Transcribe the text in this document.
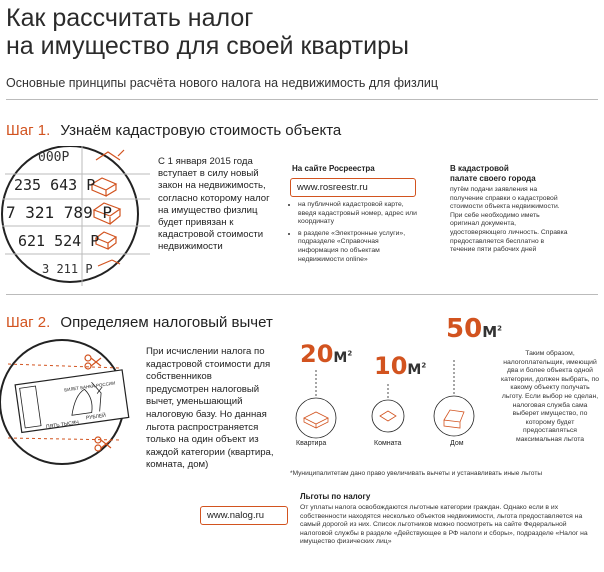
Как рассчитать налог
на имущество для своей квартиры
Основные принципы расчёта нового налога на недвижимость для физлиц
Шаг 1. Узнаём кадастровую стоимость объекта
000Р
235 643 Р
7 321 789 Р
621 524 Р
3 211 Р
С 1 января 2015 года вступает в силу новый закон на недвижимость, согласно которому налог на имущество физлиц будет привязан к кадастровой стоимости недвижимости
На сайте Росреестра
www.rosreestr.ru
• на публичной кадастровой карте, введя кадастровый номер, адрес или координату
• в разделе «Электронные услуги», подразделе «Справочная информация по объектам недвижимости online»
В кадастровой
палате своего города
путём подачи заявления на получение справки о кадастровой стоимости объекта недвижимости. При себе необходимо иметь оригинал документа, удостоверяющего личность. Справка предоставляется бесплатно в течение пяти рабочих дней
Шаг 2. Определяем налоговый вычет
БИЛЕТ БАНКА РОССИИ
ПЯТЬ ТЫСЯЧ
РУБЛЕЙ
При исчислении налога по кадастровой стоимости для собственников предусмотрен налоговый вычет, уменьшающий налоговую базу. Но данная льгота распространяется только на один объект из каждой категории (квартира, комната, дом)
$20М^2$ $10М^2$
$50М^2$
Квартира	Комната	Дом
Таким образом, налогоплательщик, имеющий два и более объекта одной категории, должен выбрать, по какому объекту получать льготу. Если выбор не сделан, налоговая служба сама выберет имущество, по которому будет предоставляться максимальная льгота
*Муниципалитетам дано право увеличивать вычеты и устанавливать иные льготы
www.nalog.ru
Льготы по налогу
От уплаты налога освобождаются льготные категории граждан. Однако если в их собственности находятся несколько объектов недвижимости, льгота предоставляется на самый дорогой из них. Список льготников можно посмотреть на сайте Федеральной налоговой службы в разделе «Действующее в РФ налоги и сборы», подразделе «Налог на имущество физических лиц»
